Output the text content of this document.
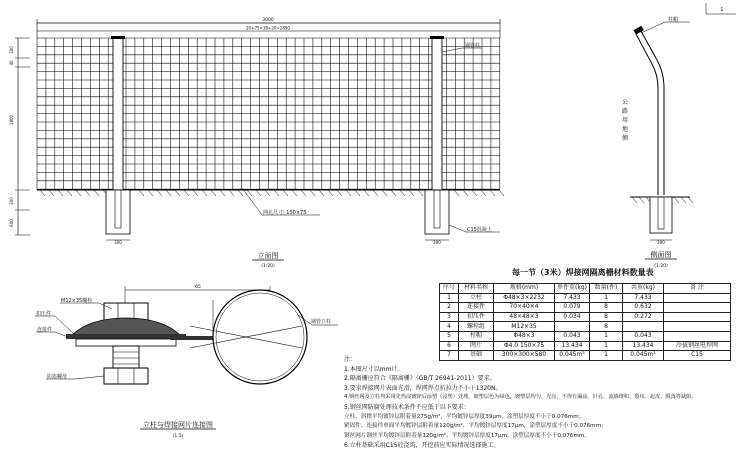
3000
20+75×38+20=2890
300
40
1800
300
600
300	300
钢管柱
网孔尺寸: 150×75
C15混凝土
立面图
(1:20)
1
300
柱帽
公
路
用
地
侧
侧面图
(1:20)
65
M12×35螺栓
扣压件
连接件
防盗螺母
钢管立柱
立柱与焊接网片连接图
(1:5)
每一节（3米）焊接网隔离栅材料数量表
序号	材料名称	规格(mm)	单件重(kg)	数量(件)	共重(kg)	备 注
1	立柱	Φ48×3×2232	7.433	1	7.433	
2	连接件	70×40×4	0.079	8	0.632	
3	扣压件	48×48×3	0.034	8	0.272	
4	螺栓组	M12×35		8		
5	柱帽	Φ48×3	0.043	1	0.043	
6	网片	Φ4.0 150×75	13.434	1	13.434	冷拔钢丝电焊网
7	基础	300×300×580	0.045m³	1	0.045m³	C15
注：
1.本图尺寸以mm计。
2.隔离栅应符合《隔离栅》（GB/T 26941-2011）要求。
3.要求焊接网片表面光滑，焊网焊点抗拉力不小于1320N。
4.钢丝网及立柱均采用先热浸镀锌后涂塑（浸塑）处理，镀塑层色为绿色，镀塑层均匀、光亮，不得有漏涂、针孔、流淌堆积、裂纹、起皮、脱落等缺陷。
5.钢丝网防腐处理技术条件不应低于以下要求：
立柱、斜撑平均镀锌层附着量275g/m²，平均镀锌层厚度39μm，涂塑层厚度不小于0.076mm；
紧固件、连接件单面平均镀锌层附着量120g/m²，平均镀锌层厚度17μm，涂塑层厚度不小于0.076mm；
钢丝网片钢丝平均镀锌层附着量120g/m²，平均镀锌层厚度17μm，涂塑层厚度不小于0.076mm。
6.立柱基础采用C15砼浇筑，开挖前应实际情况选择施工。
